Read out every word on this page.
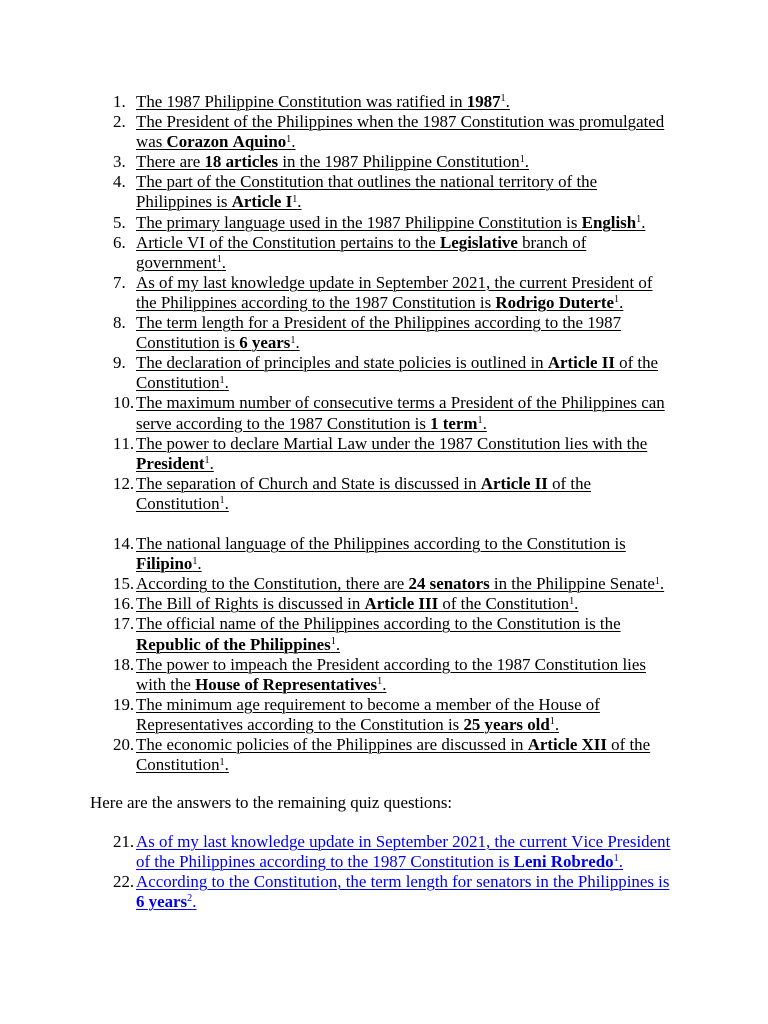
1. The 1987 Philippine Constitution was ratified in 1987$^1$.
2. The President of the Philippines when the 1987 Constitution was promulgated was Corazon Aquino$^1$.
3. There are 18 articles in the 1987 Philippine Constitution$^1$.
4. The part of the Constitution that outlines the national territory of the Philippines is Article $I^1$.
5. The primary language used in the 1987 Philippine Constitution is English$^1$.
6. Article VI of the Constitution pertains to the Legislative branch of government$^1$.
7. As of my last knowledge update in September 2021, the current President of the Philippines according to the 1987 Constitution is Rodrigo Duterte$^1$.
8. The term length for a President of the Philippines according to the 1987 Constitution is 6 years$^1$.
9. The declaration of principles and state policies is outlined in Article II of the Constitution$^1$.
10. The maximum number of consecutive terms a President of the Philippines can serve according to the 1987 Constitution is 1 term$^1$.
11. The power to declare Martial Law under the 1987 Constitution lies with the President$^1$.
12. The separation of Church and State is discussed in Article II of the Constitution$^1$.
14. The national language of the Philippines according to the Constitution is Filipino$^1$.
15. According to the Constitution, there are 24 senators in the Philippine Senate$^1$.
16. The Bill of Rights is discussed in Article III of the Constitution$^1$.
17. The official name of the Philippines according to the Constitution is the Republic of the Philippines$^1$.
18. The power to impeach the President according to the 1987 Constitution lies with the House of Representatives$^1$.
19. The minimum age requirement to become a member of the House of Representatives according to the Constitution is 25 years old$^1$.
20. The economic policies of the Philippines are discussed in Article XII of the Constitution$^1$.

Here are the answers to the remaining quiz questions:

21. As of my last knowledge update in September 2021, the current Vice President of the Philippines according to the 1987 Constitution is Leni Robredo$^1$.
22. According to the Constitution, the term length for senators in the Philippines is 6 years$^2$.
